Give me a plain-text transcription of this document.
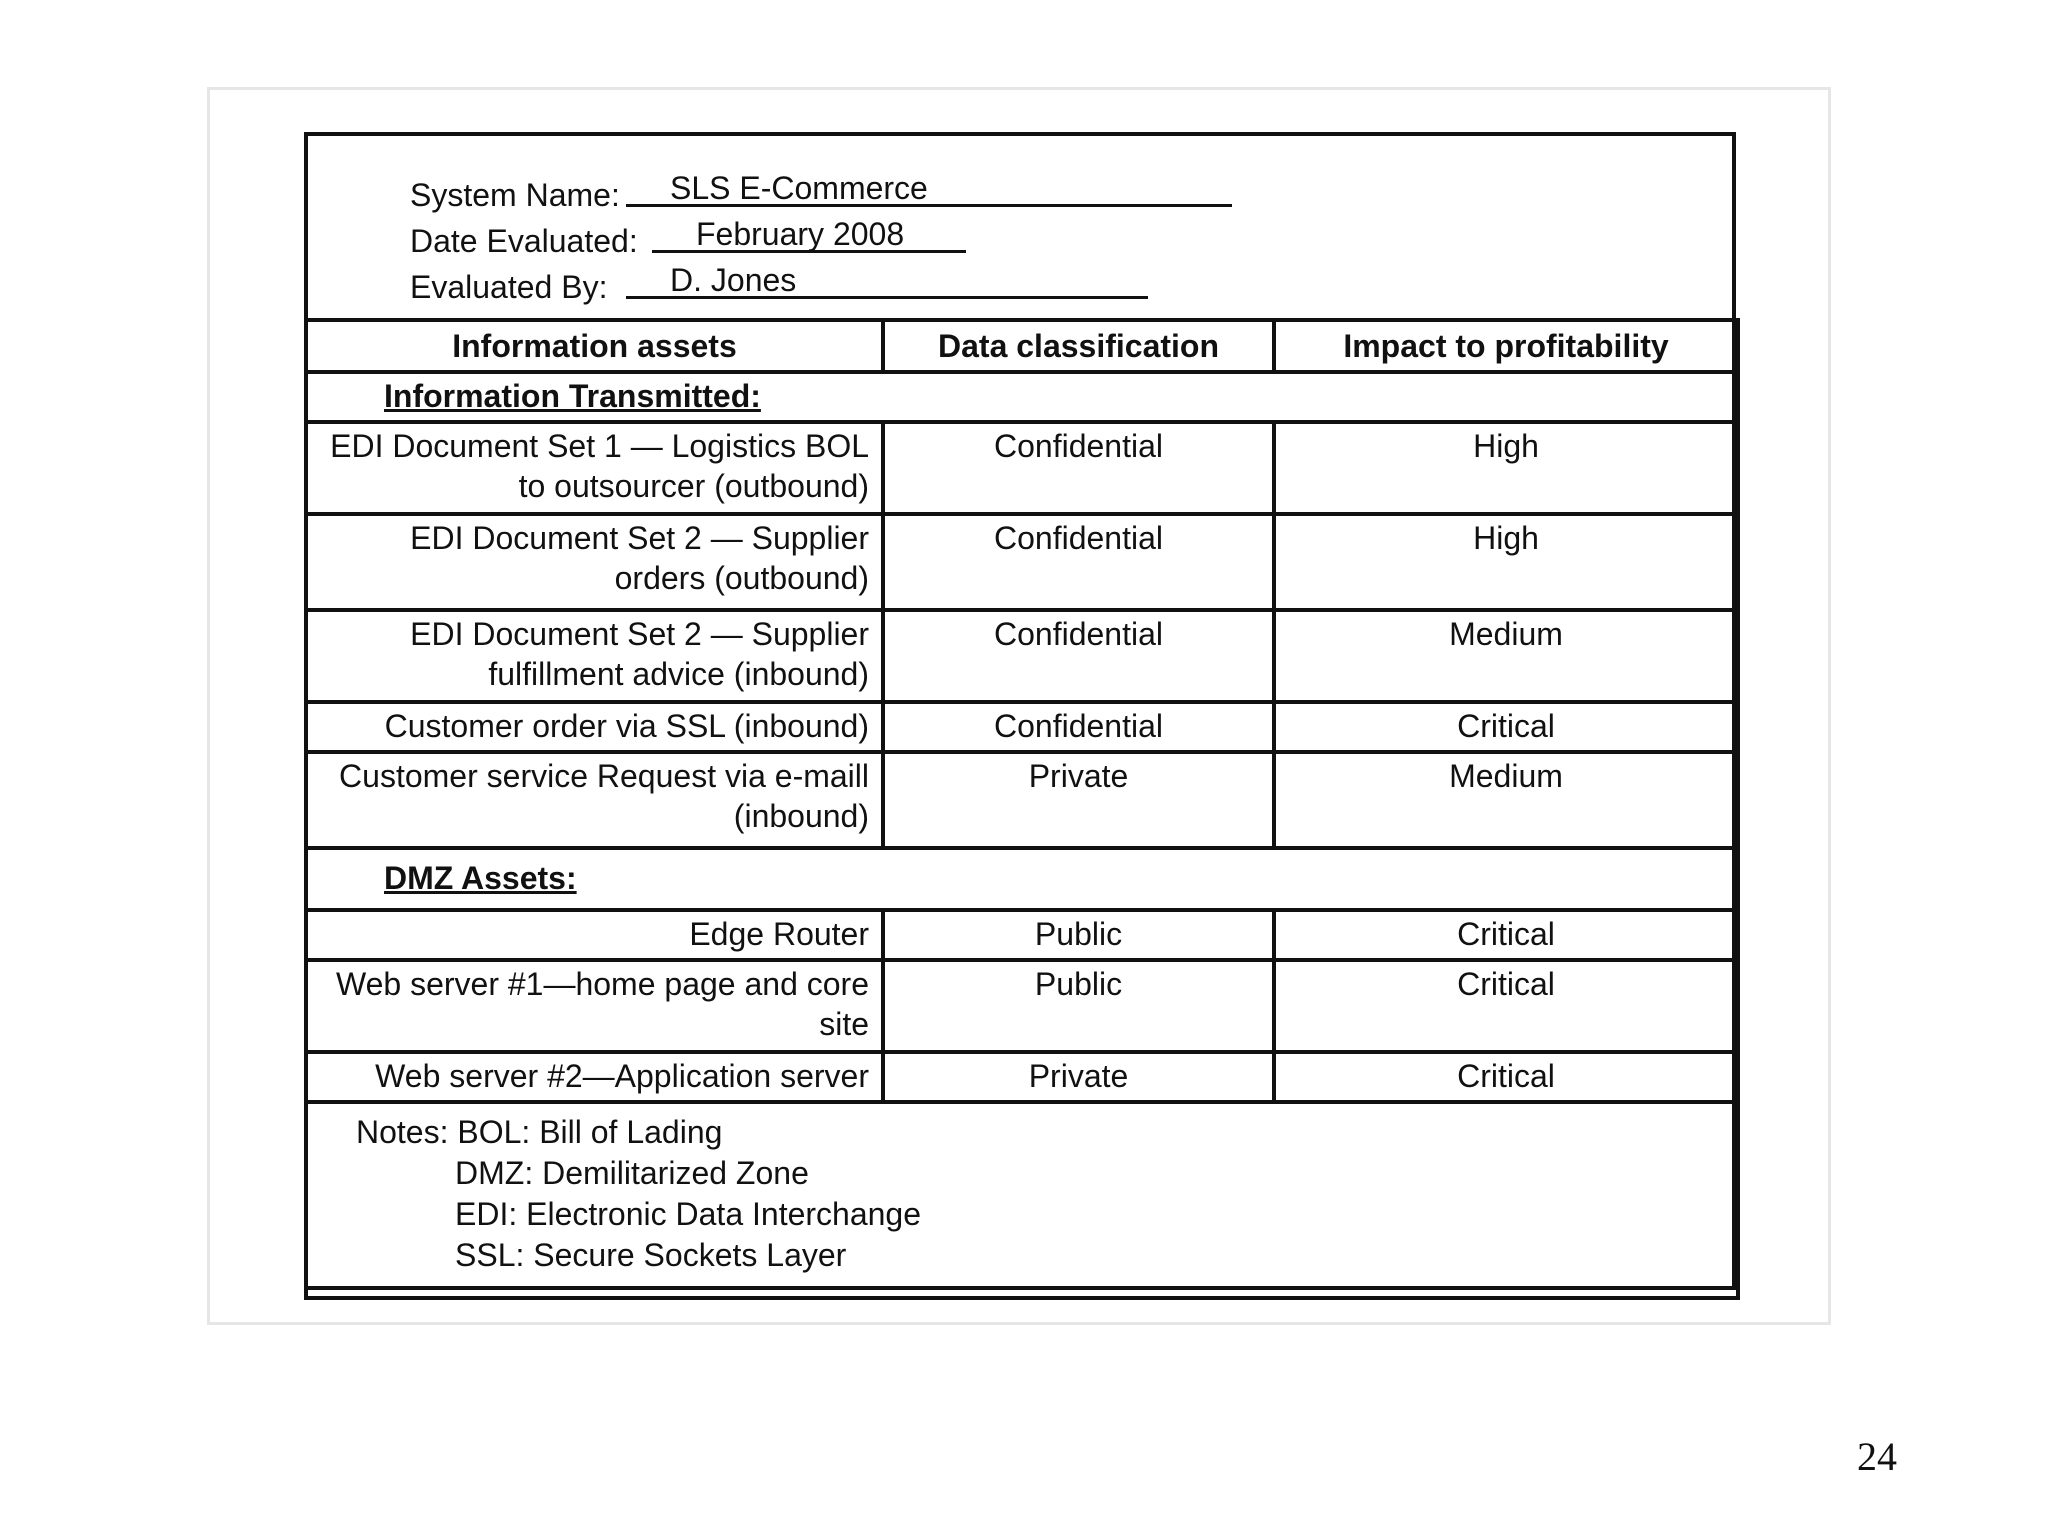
System Name:	SLS E-Commerce
Date Evaluated:	February 2008
Evaluated By:	D. Jones
Information assets	Data classification	Impact to profitability
Information Transmitted:		
EDI Document Set 1 — Logistics BOL to outsourcer (outbound)	Confidential	High
EDI Document Set 2 — Supplier orders (outbound)	Confidential	High
EDI Document Set 2 — Supplier fulfillment advice (inbound)	Confidential	Medium
Customer order via SSL (inbound)	Confidential	Critical
Customer service Request via e-maill (inbound)	Private	Medium
DMZ Assets:		
Edge Router	Public	Critical
Web server #1—home page and core site	Public	Critical
Web server #2—Application server	Private	Critical

Notes: BOL: Bill of Lading
DMZ: Demilitarized Zone
EDI: Electronic Data Interchange
SSL: Secure Sockets Layer		
24
